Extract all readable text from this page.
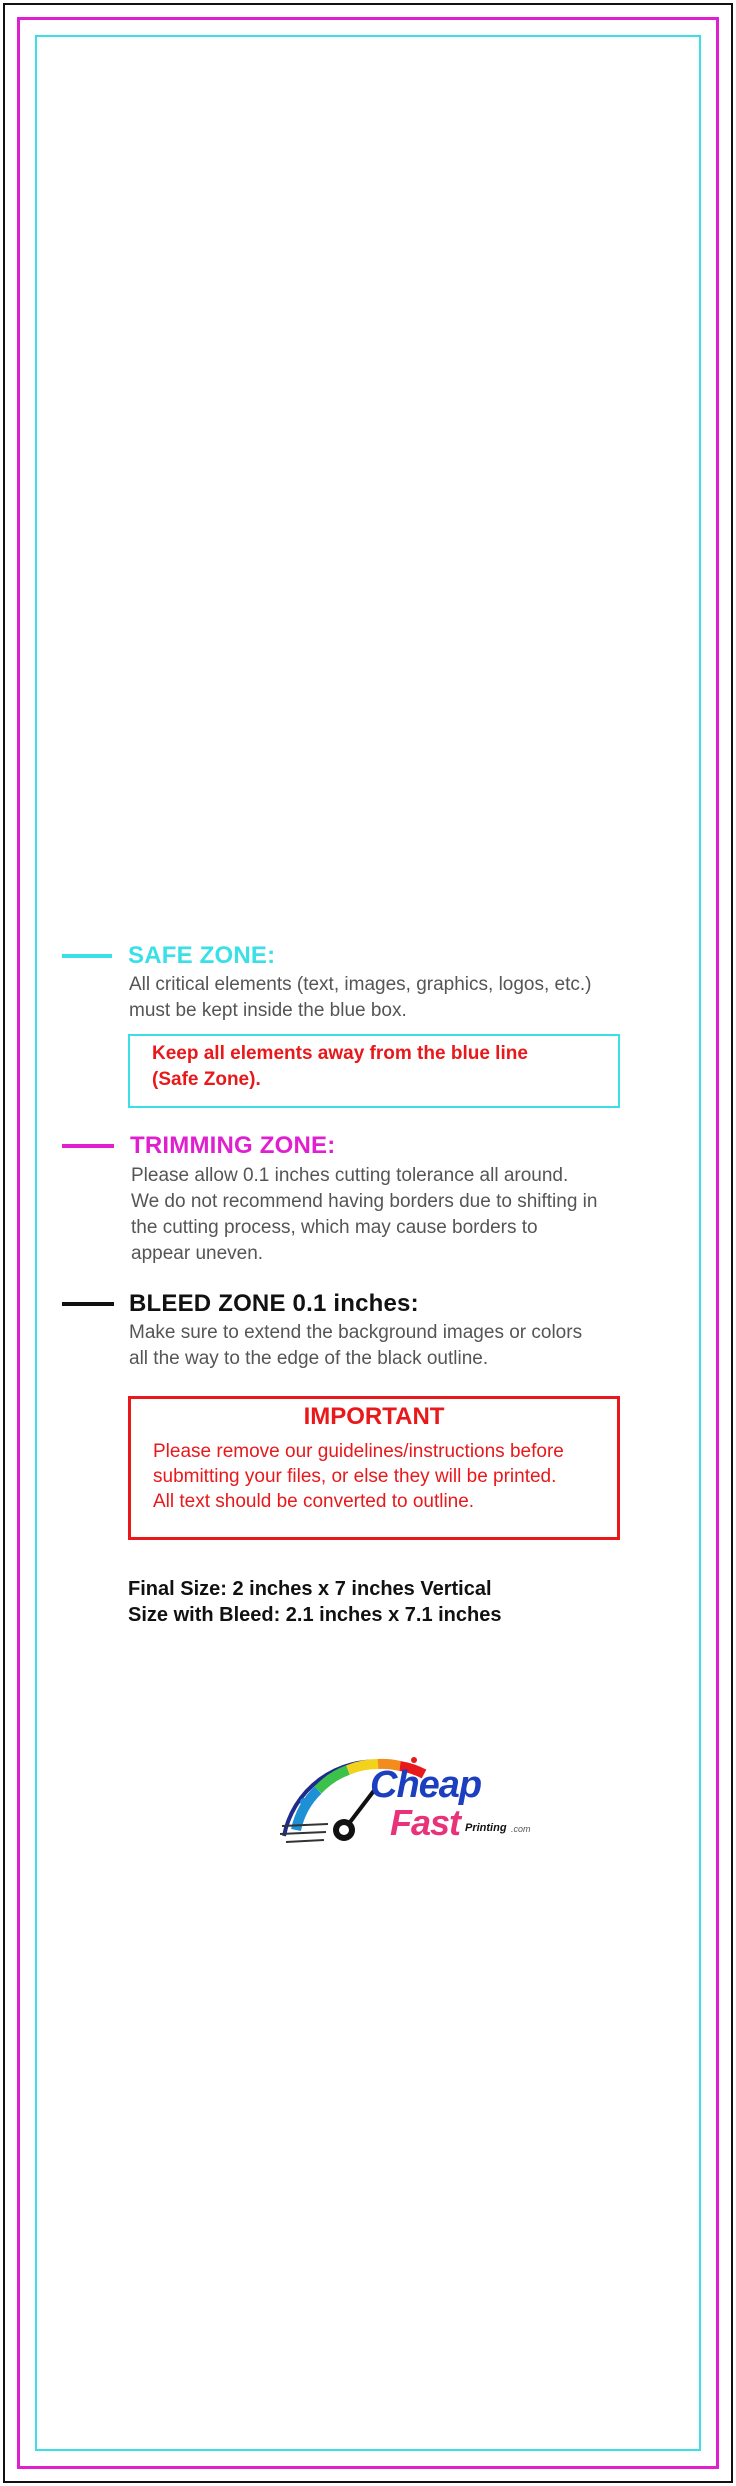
SAFE ZONE:
All critical elements (text, images, graphics, logos, etc.)
must be kept inside the blue box.
Keep all elements away from the blue line
(Safe Zone).
TRIMMING ZONE:
Please allow 0.1 inches cutting tolerance all around.
We do not recommend having borders due to shifting in
the cutting process, which may cause borders to
appear uneven.
BLEED ZONE 0.1 inches:
Make sure to extend the background images or colors
all the way to the edge of the black outline.
IMPORTANT
Please remove our guidelines/instructions before
submitting your files, or else they will be printed.
All text should be converted to outline.
Final Size: 2 inches x 7 inches Vertical
Size with Bleed: 2.1 inches x 7.1 inches
Cheap
Fast Printing .com
